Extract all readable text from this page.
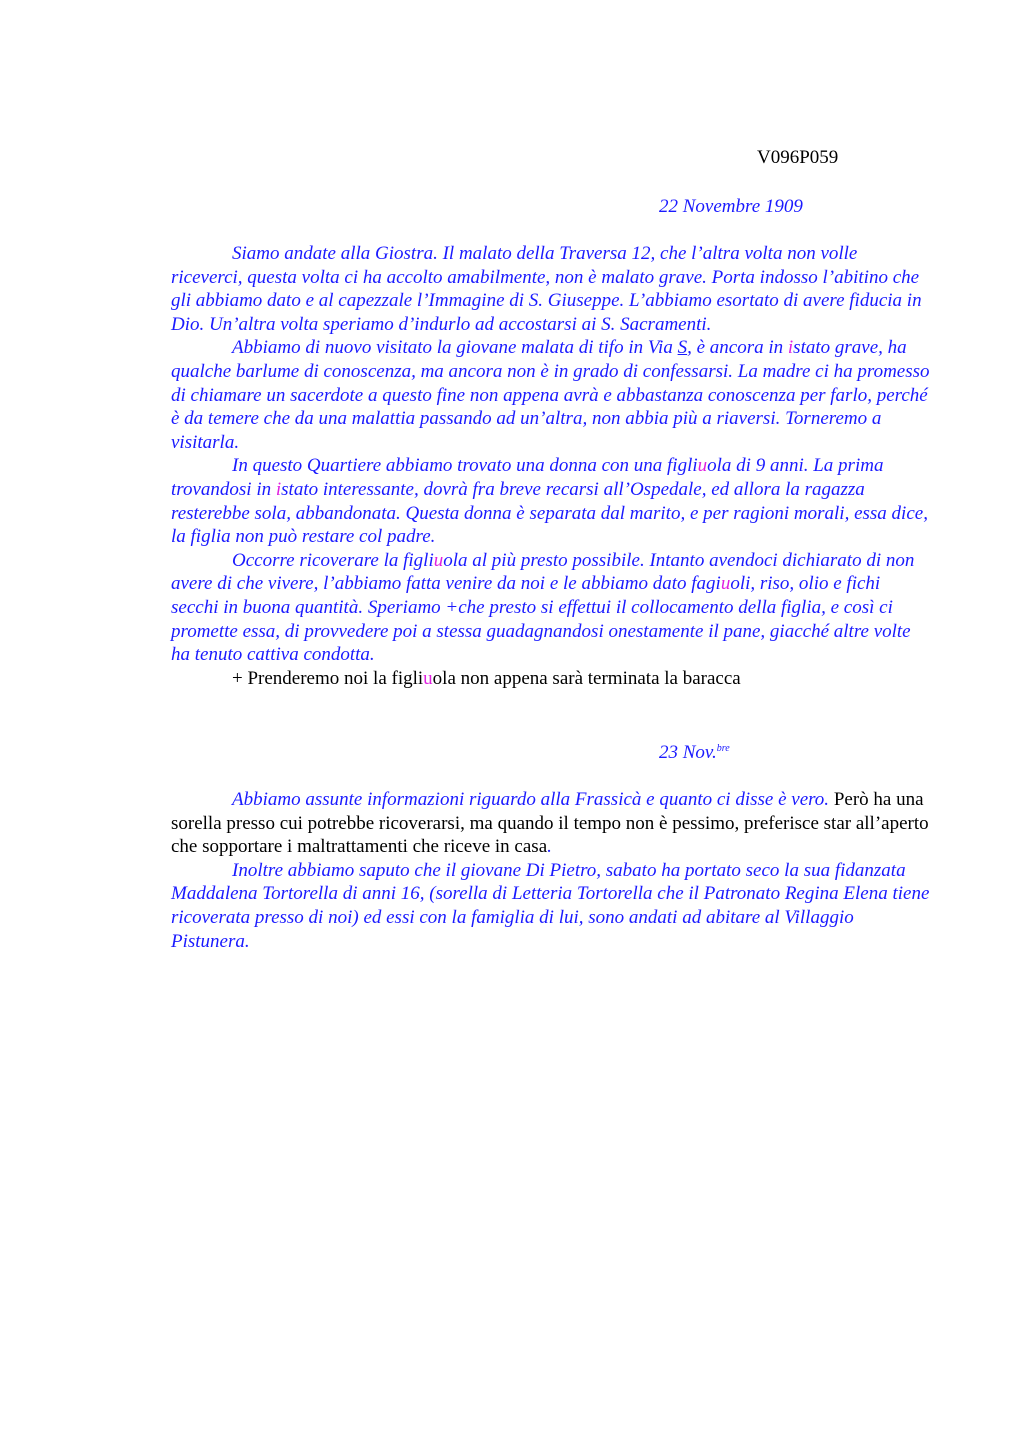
V096P059
22 Novembre 1909

Siamo andate alla Giostra. Il malato della Traversa 12, che l’altra volta non volle riceverci, questa volta ci ha accolto amabilmente, non è malato grave. Porta indosso l’abitino che gli abbiamo dato e al capezzale l’Immagine di S. Giuseppe. L’abbiamo esortato di avere fiducia in Dio. Un’altra volta speriamo d’indurlo ad accostarsi ai S. Sacramenti.

Abbiamo di nuovo visitato la giovane malata di tifo in Via S, è ancora in istato grave, ha qualche barlume di conoscenza, ma ancora non è in grado di confessarsi. La madre ci ha promesso di chiamare un sacerdote a questo fine non appena avrà e abbastanza conoscenza per farlo, perché è da temere che da una malattia passando ad un’altra, non abbia più a riaversi. Torneremo a visitarla.

In questo Quartiere abbiamo trovato una donna con una figliuola di 9 anni. La prima trovandosi in istato interessante, dovrà fra breve recarsi all’Ospedale, ed allora la ragazza resterebbe sola, abbandonata. Questa donna è separata dal marito, e per ragioni morali, essa dice, la figlia non può restare col padre.

Occorre ricoverare la figliuola al più presto possibile. Intanto avendoci dichiarato di non avere di che vivere, l’abbiamo fatta venire da noi e le abbiamo dato fagiuoli, riso, olio e fichi secchi in buona quantità. Speriamo +che presto si effettui il collocamento della figlia, e così ci promette essa, di provvedere poi a stessa guadagnandosi onestamente il pane, giacché altre volte ha tenuto cattiva condotta.

+ Prenderemo noi la figliuola non appena sarà terminata la baracca

23 Nov.$^{bre}$

Abbiamo assunte informazioni riguardo alla Frassicà e quanto ci disse è vero. Però ha una sorella presso cui potrebbe ricoverarsi, ma quando il tempo non è pessimo, preferisce star all’aperto che sopportare i maltrattamenti che riceve in casa.

Inoltre abbiamo saputo che il giovane Di Pietro, sabato ha portato seco la sua fidanzata Maddalena Tortorella di anni 16, (sorella di Letteria Tortorella che il Patronato Regina Elena tiene ricoverata presso di noi) ed essi con la famiglia di lui, sono andati ad abitare al Villaggio Pistunera.
